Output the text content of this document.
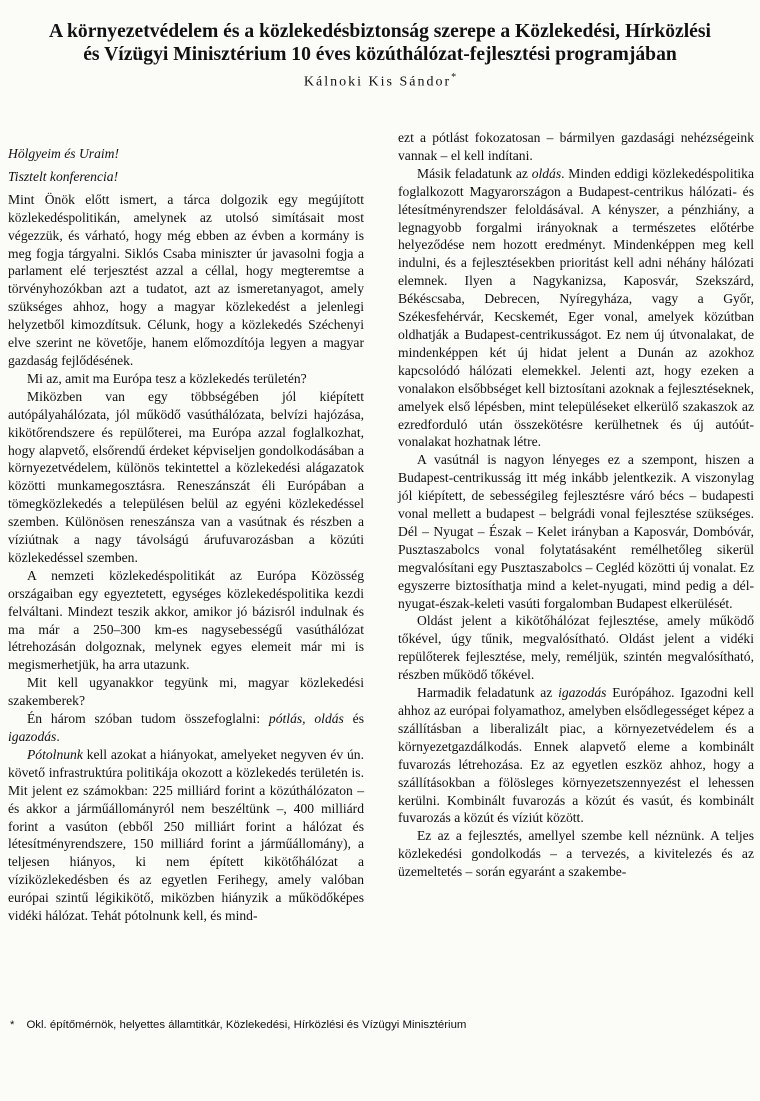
A környezetvédelem és a közlekedésbiztonság szerepe a Közlekedési, Hírközlési
és Vízügyi Minisztérium 10 éves közúthálózat-fejlesztési programjában
Kálnoki Kis Sándor*

Hölgyeim és Uraim!

Tisztelt konferencia!

Mint Önök előtt ismert, a tárca dolgozik egy megújított közlekedéspolitikán, amelynek az utolsó simításait most végezzük, és várható, hogy még ebben az évben a kormány is meg fogja tárgyalni. Siklós Csaba miniszter úr javasolni fogja a parlament elé terjesztést azzal a céllal, hogy megteremtse a törvényhozókban azt a tudatot, azt az ismeretanyagot, amely szükséges ahhoz, hogy a magyar közlekedést a jelenlegi helyzetből kimozdítsuk. Célunk, hogy a közlekedés Széchenyi elve szerint ne követője, hanem előmozdítója legyen a magyar gazdaság fejlődésének.

Mi az, amit ma Európa tesz a közlekedés területén?

Miközben van egy többségében jól kiépített autópályahálózata, jól működő vasúthálózata, belvízi hajózása, kikötőrendszere és repülőterei, ma Európa azzal foglalkozhat, hogy alapvető, elsőrendű érdeket képviseljen gondolkodásában a környezetvédelem, különös tekintettel a közlekedési alágazatok közötti munkamegosztásra. Reneszánszát éli Európában a tömegközlekedés a településen belül az egyéni közlekedéssel szemben. Különösen reneszánsza van a vasútnak és részben a víziútnak a nagy távolságú árufuvarozásban a közúti közlekedéssel szemben.

A nemzeti közlekedéspolitikát az Európa Közösség országaiban egy egyeztetett, egységes közlekedéspolitika kezdi felváltani. Mindezt teszik akkor, amikor jó bázisról indulnak és ma már a 250–300 km-es nagysebességű vasúthálózat létrehozásán dolgoznak, melynek egyes elemeit már mi is megismerhetjük, ha arra utazunk.

Mit kell ugyanakkor tegyünk mi, magyar közlekedési szakemberek?

Én három szóban tudom összefoglalni: pótlás, oldás és igazodás.

Pótolnunk kell azokat a hiányokat, amelyeket negyven év ún. követő infrastruktúra politikája okozott a közlekedés területén is. Mit jelent ez számokban: 225 milliárd forint a közúthálózaton – és akkor a járműállományról nem beszéltünk –, 400 milliárd forint a vasúton (ebből 250 milliárt forint a hálózat és létesítményrendszere, 150 milliárd forint a járműállomány), a teljesen hiányos, ki nem épített kikötőhálózat a víziközlekedésben és az egyetlen Ferihegy, amely valóban európai szintű légikikötő, miközben hiányzik a működőképes vidéki hálózat. Tehát pótolnunk kell, és mind-

ezt a pótlást fokozatosan – bármilyen gazdasági nehézségeink vannak – el kell indítani.

Másik feladatunk az oldás. Minden eddigi közlekedéspolitika foglalkozott Magyarországon a Budapest-centrikus hálózati- és létesítményrendszer feloldásával. A kényszer, a pénzhiány, a legnagyobb forgalmi irányoknak a természetes előtérbe helyeződése nem hozott eredményt. Mindenképpen meg kell indulni, és a fejlesztésekben prioritást kell adni néhány hálózati elemnek. Ilyen a Nagykanizsa, Kaposvár, Szekszárd, Békéscsaba, Debrecen, Nyíregyháza, vagy a Győr, Székesfehérvár, Kecskemét, Eger vonal, amelyek közútban oldhatják a Budapest-centrikusságot. Ez nem új útvonalakat, de mindenképpen két új hidat jelent a Dunán az azokhoz kapcsolódó hálózati elemekkel. Jelenti azt, hogy ezeken a vonalakon elsőbbséget kell biztosítani azoknak a fejlesztéseknek, amelyek első lépésben, mint településeket elkerülő szakaszok az ezredforduló után összekötésre kerülhetnek és új autóút-vonalakat hozhatnak létre.

A vasútnál is nagyon lényeges ez a szempont, hiszen a Budapest-centrikusság itt még inkább jelentkezik. A viszonylag jól kiépített, de sebességileg fejlesztésre váró bécs – budapesti vonal mellett a budapest – belgrádi vonal fejlesztése szükséges. Dél – Nyugat – Észak – Kelet irányban a Kaposvár, Dombóvár, Pusztaszabolcs vonal folytatásaként remélhetőleg sikerül megvalósítani egy Pusztaszabolcs – Cegléd közötti új vonalat. Ez egyszerre biztosíthatja mind a kelet-nyugati, mind pedig a dél-nyugat-észak-keleti vasúti forgalomban Budapest elkerülését.

Oldást jelent a kikötőhálózat fejlesztése, amely működő tőkével, úgy tűnik, megvalósítható. Oldást jelent a vidéki repülőterek fejlesztése, mely, reméljük, szintén megvalósítható, részben működő tőkével.

Harmadik feladatunk az igazodás Európához. Igazodni kell ahhoz az európai folyamathoz, amelyben elsődlegességet képez a szállításban a liberalizált piac, a környezetvédelem és a környezetgazdálkodás. Ennek alapvető eleme a kombinált fuvarozás létrehozása. Ez az egyetlen eszköz ahhoz, hogy a szállításokban a fölösleges környezetszennyezést el lehessen kerülni. Kombinált fuvarozás a közút és vasút, és kombinált fuvarozás a közút és víziút között.

Ez az a fejlesztés, amellyel szembe kell néznünk. A teljes közlekedési gondolkodás – a tervezés, a kivitelezés és az üzemeltetés – során egyaránt a szakembe-

* Okl. építőmérnök, helyettes államtitkár, Közlekedési, Hírközlési és Vízügyi Minisztérium
